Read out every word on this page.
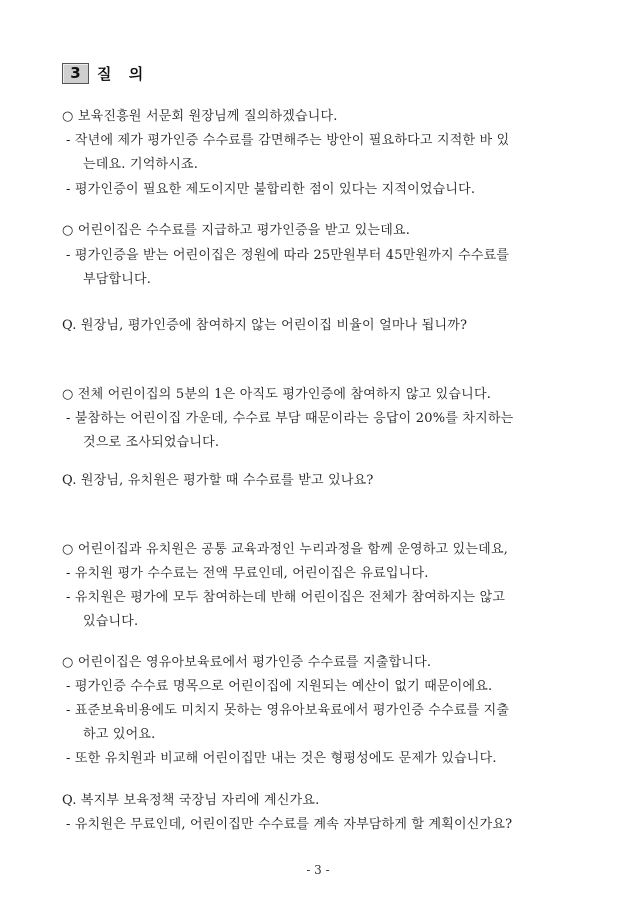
3	질 의
○ 보육진흥원 서문회 원장님께 질의하겠습니다.
- 작년에 제가 평가인증 수수료를 감면해주는 방안이 필요하다고 지적한 바 있
는데요. 기억하시죠.
- 평가인증이 필요한 제도이지만 불합리한 점이 있다는 지적이었습니다.
○ 어린이집은 수수료를 지급하고 평가인증을 받고 있는데요.
- 평가인증을 받는 어린이집은 정원에 따라 25만원부터 45만원까지 수수료를
부담합니다.
Q. 원장님, 평가인증에 참여하지 않는 어린이집 비율이 얼마나 됩니까?
○ 전체 어린이집의 5분의 1은 아직도 평가인증에 참여하지 않고 있습니다.
- 불참하는 어린이집 가운데, 수수료 부담 때문이라는 응답이 20%를 차지하는
것으로 조사되었습니다.
Q. 원장님, 유치원은 평가할 때 수수료를 받고 있나요?
○ 어린이집과 유치원은 공통 교육과정인 누리과정을 함께 운영하고 있는데요,
- 유치원 평가 수수료는 전액 무료인데, 어린이집은 유료입니다.
- 유치원은 평가에 모두 참여하는데 반해 어린이집은 전체가 참여하지는 않고
있습니다.
○ 어린이집은 영유아보육료에서 평가인증 수수료를 지출합니다.
- 평가인증 수수료 명목으로 어린이집에 지원되는 예산이 없기 때문이에요.
- 표준보육비용에도 미치지 못하는 영유아보육료에서 평가인증 수수료를 지출
하고 있어요.
- 또한 유치원과 비교해 어린이집만 내는 것은 형평성에도 문제가 있습니다.
Q. 복지부 보육정책 국장님 자리에 계신가요.
- 유치원은 무료인데, 어린이집만 수수료를 계속 자부담하게 할 계획이신가요?
- 3 -
